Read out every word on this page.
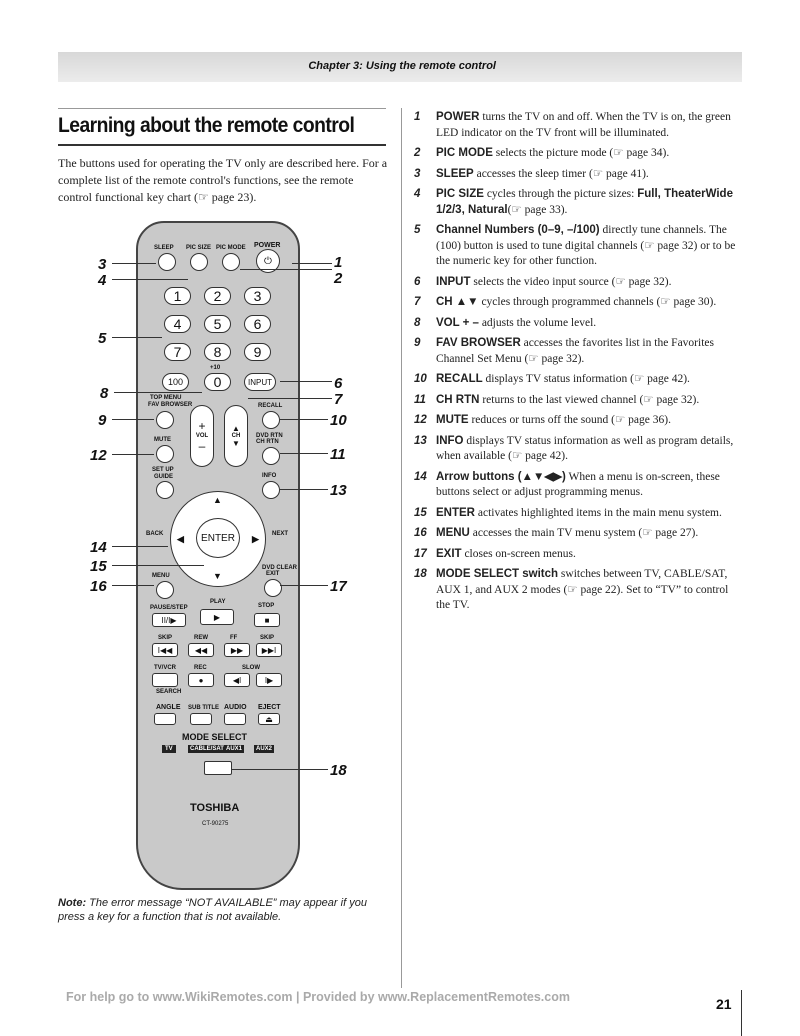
Chapter 3: Using the remote control
Learning about the remote control
The buttons used for operating the TV only are described here. For a complete list of the remote control's functions, see the remote control functional key chart (☞ page 23).
SLEEP PIC SIZE PIC MODE POWER
⏻
1	2	3
4	5	6
7	8	9
+10
100	0	INPUT
TOP MENU
FAV BROWSER	RECALL
+
VOL
–
▲
CH
▼
MUTE
DVD RTN
CH RTN
SET UP
GUIDE	INFO
▲
▼
◀	▶
ENTER
BACK	NEXT
MENU
DVD CLEAR
EXIT
PAUSE/STEP
PLAY
STOP
II/I▶	▶	■
SKIP	REW	FF	SKIP
I◀◀	◀◀	▶▶	▶▶I
TV/VCR	REC	SLOW
●	◀I	I▶
SEARCH
ANGLE SUB TITLE AUDIO EJECT
⏏
MODE SELECT
TV	CABLE/SAT AUX1	AUX2
TOSHIBA
CT-90275
1
2
3
4
5
6
7
8
9	10
11
12
13
14
15
16	17
18
Note: The error message “NOT AVAILABLE” may appear if you press a key for a function that is not available.
1 POWER turns the TV on and off. When the TV is on, the green LED indicator on the TV front will be illuminated.
2 PIC MODE selects the picture mode (☞ page 34).
3 SLEEP accesses the sleep timer (☞ page 41).
4 PIC SIZE cycles through the picture sizes: Full, TheaterWide 1/2/3, Natural(☞ page 33).
5 Channel Numbers (0–9, –/100) directly tune channels. The (100) button is used to tune digital channels (☞ page 32) or to be the numeric key for other function.
6 INPUT selects the video input source (☞ page 32).
7 CH ▲▼ cycles through programmed channels (☞ page 30).
8 VOL + – adjusts the volume level.
9 FAV BROWSER accesses the favorites list in the Favorites Channel Set Menu (☞ page 32).
10 RECALL displays TV status information (☞ page 42).
11 CH RTN returns to the last viewed channel (☞ page 32).
12 MUTE reduces or turns off the sound (☞ page 36).
13 INFO displays TV status information as well as program details, when available (☞ page 42).
14 Arrow buttons (▲▼◀▶) When a menu is on-screen, these buttons select or adjust programming menus.
15 ENTER activates highlighted items in the main menu system.
16 MENU accesses the main TV menu system (☞ page 27).
17 EXIT closes on-screen menus.
18 MODE SELECT switch switches between TV, CABLE/SAT, AUX 1, and AUX 2 modes (☞ page 22). Set to “TV” to control the TV.
For help go to www.WikiRemotes.com | Provided by www.ReplacementRemotes.com	21
